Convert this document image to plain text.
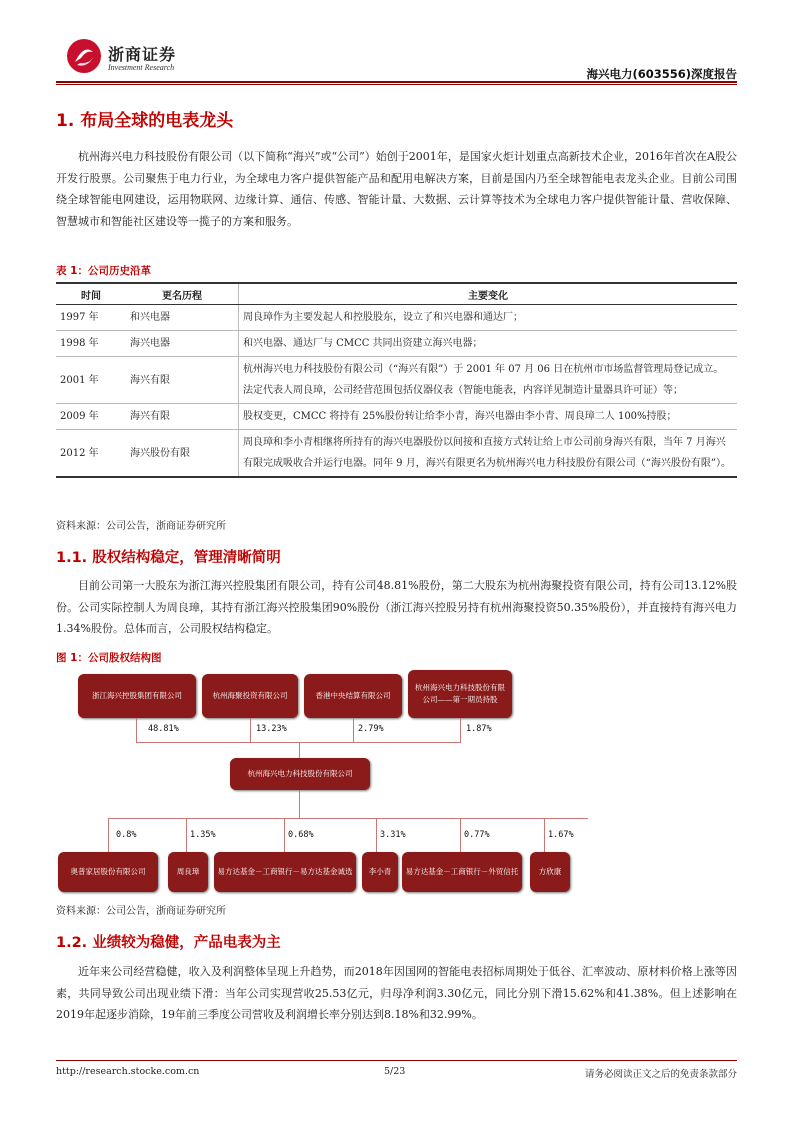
浙商证券
Investment Research	海兴电力(603556)深度报告
1. 布局全球的电表龙头
杭州海兴电力科技股份有限公司（以下简称“海兴”或“公司”）始创于2001年，是国家火炬计划重点高新技术企业，2016年首次在A股公开发行股票。公司聚焦于电力行业，为全球电力客户提供智能产品和配用电解决方案，目前是国内乃至全球智能电表龙头企业。目前公司围绕全球智能电网建设，运用物联网、边缘计算、通信、传感、智能计量、大数据、云计算等技术为全球电力客户提供智能计量、营收保障、智慧城市和智能社区建设等一揽子的方案和服务。
表 1：公司历史沿革
时间	更名历程	主要变化
1997 年	和兴电器	周良璋作为主要发起人和控股股东，设立了和兴电器和通达厂；
1998 年	海兴电器	和兴电器、通达厂与 CMCC 共同出资建立海兴电器；
2001 年	海兴有限	杭州海兴电力科技股份有限公司（“海兴有限”）于 2001 年 07 月 06 日在杭州市市场监督管理局登记成立。法定代表人周良璋，公司经营范围包括仪器仪表（智能电能表，内容详见制造计量器具许可证）等；
2009 年	海兴有限	股权变更，CMCC 将持有 25%股份转让给李小青，海兴电器由李小青、周良璋二人 100%持股；
2012 年	海兴股份有限	周良璋和李小青相继将所持有的海兴电器股份以间接和直接方式转让给上市公司前身海兴有限，当年 7 月海兴有限完成吸收合并运行电器。同年 9 月，海兴有限更名为杭州海兴电力科技股份有限公司（“海兴股份有限”）。
资料来源：公司公告，浙商证券研究所
1.1. 股权结构稳定，管理清晰简明
目前公司第一大股东为浙江海兴控股集团有限公司，持有公司48.81%股份，第二大股东为杭州海聚投资有限公司，持有公司13.12%股份。公司实际控制人为周良璋，其持有浙江海兴控股集团90%股份（浙江海兴控股另持有杭州海聚投资50.35%股份），并直接持有海兴电力1.34%股份。总体而言，公司股权结构稳定。
图 1：公司股权结构图
浙江海兴控股集团有限公司	杭州海聚投资有限公司	香港中央结算有限公司
杭州海兴电力科技股份有限公司——第一期员持股
48.81%	13.23%	2.79%	1.87%
杭州海兴电力科技股份有限公司
0.8%	1.35%	0.68%	3.31%	0.77%	1.67%
奥普家居股份有限公司	周良璋	易方达基金－工商银行－易方达基金诚选	李小青	易方达基金－工商银行－外贸信托	方欣康
资料来源：公司公告，浙商证券研究所
1.2. 业绩较为稳健，产品电表为主
近年来公司经营稳健，收入及利润整体呈现上升趋势，而2018年因国网的智能电表招标周期处于低谷、汇率波动、原材料价格上涨等因素，共同导致公司出现业绩下滑：当年公司实现营收25.53亿元，归母净利润3.30亿元，同比分别下滑15.62%和41.38%。但上述影响在2019年起逐步消除，19年前三季度公司营收及利润增长率分别达到8.18%和32.99%。
http://research.stocke.com.cn	5/23	请务必阅读正文之后的免责条款部分
